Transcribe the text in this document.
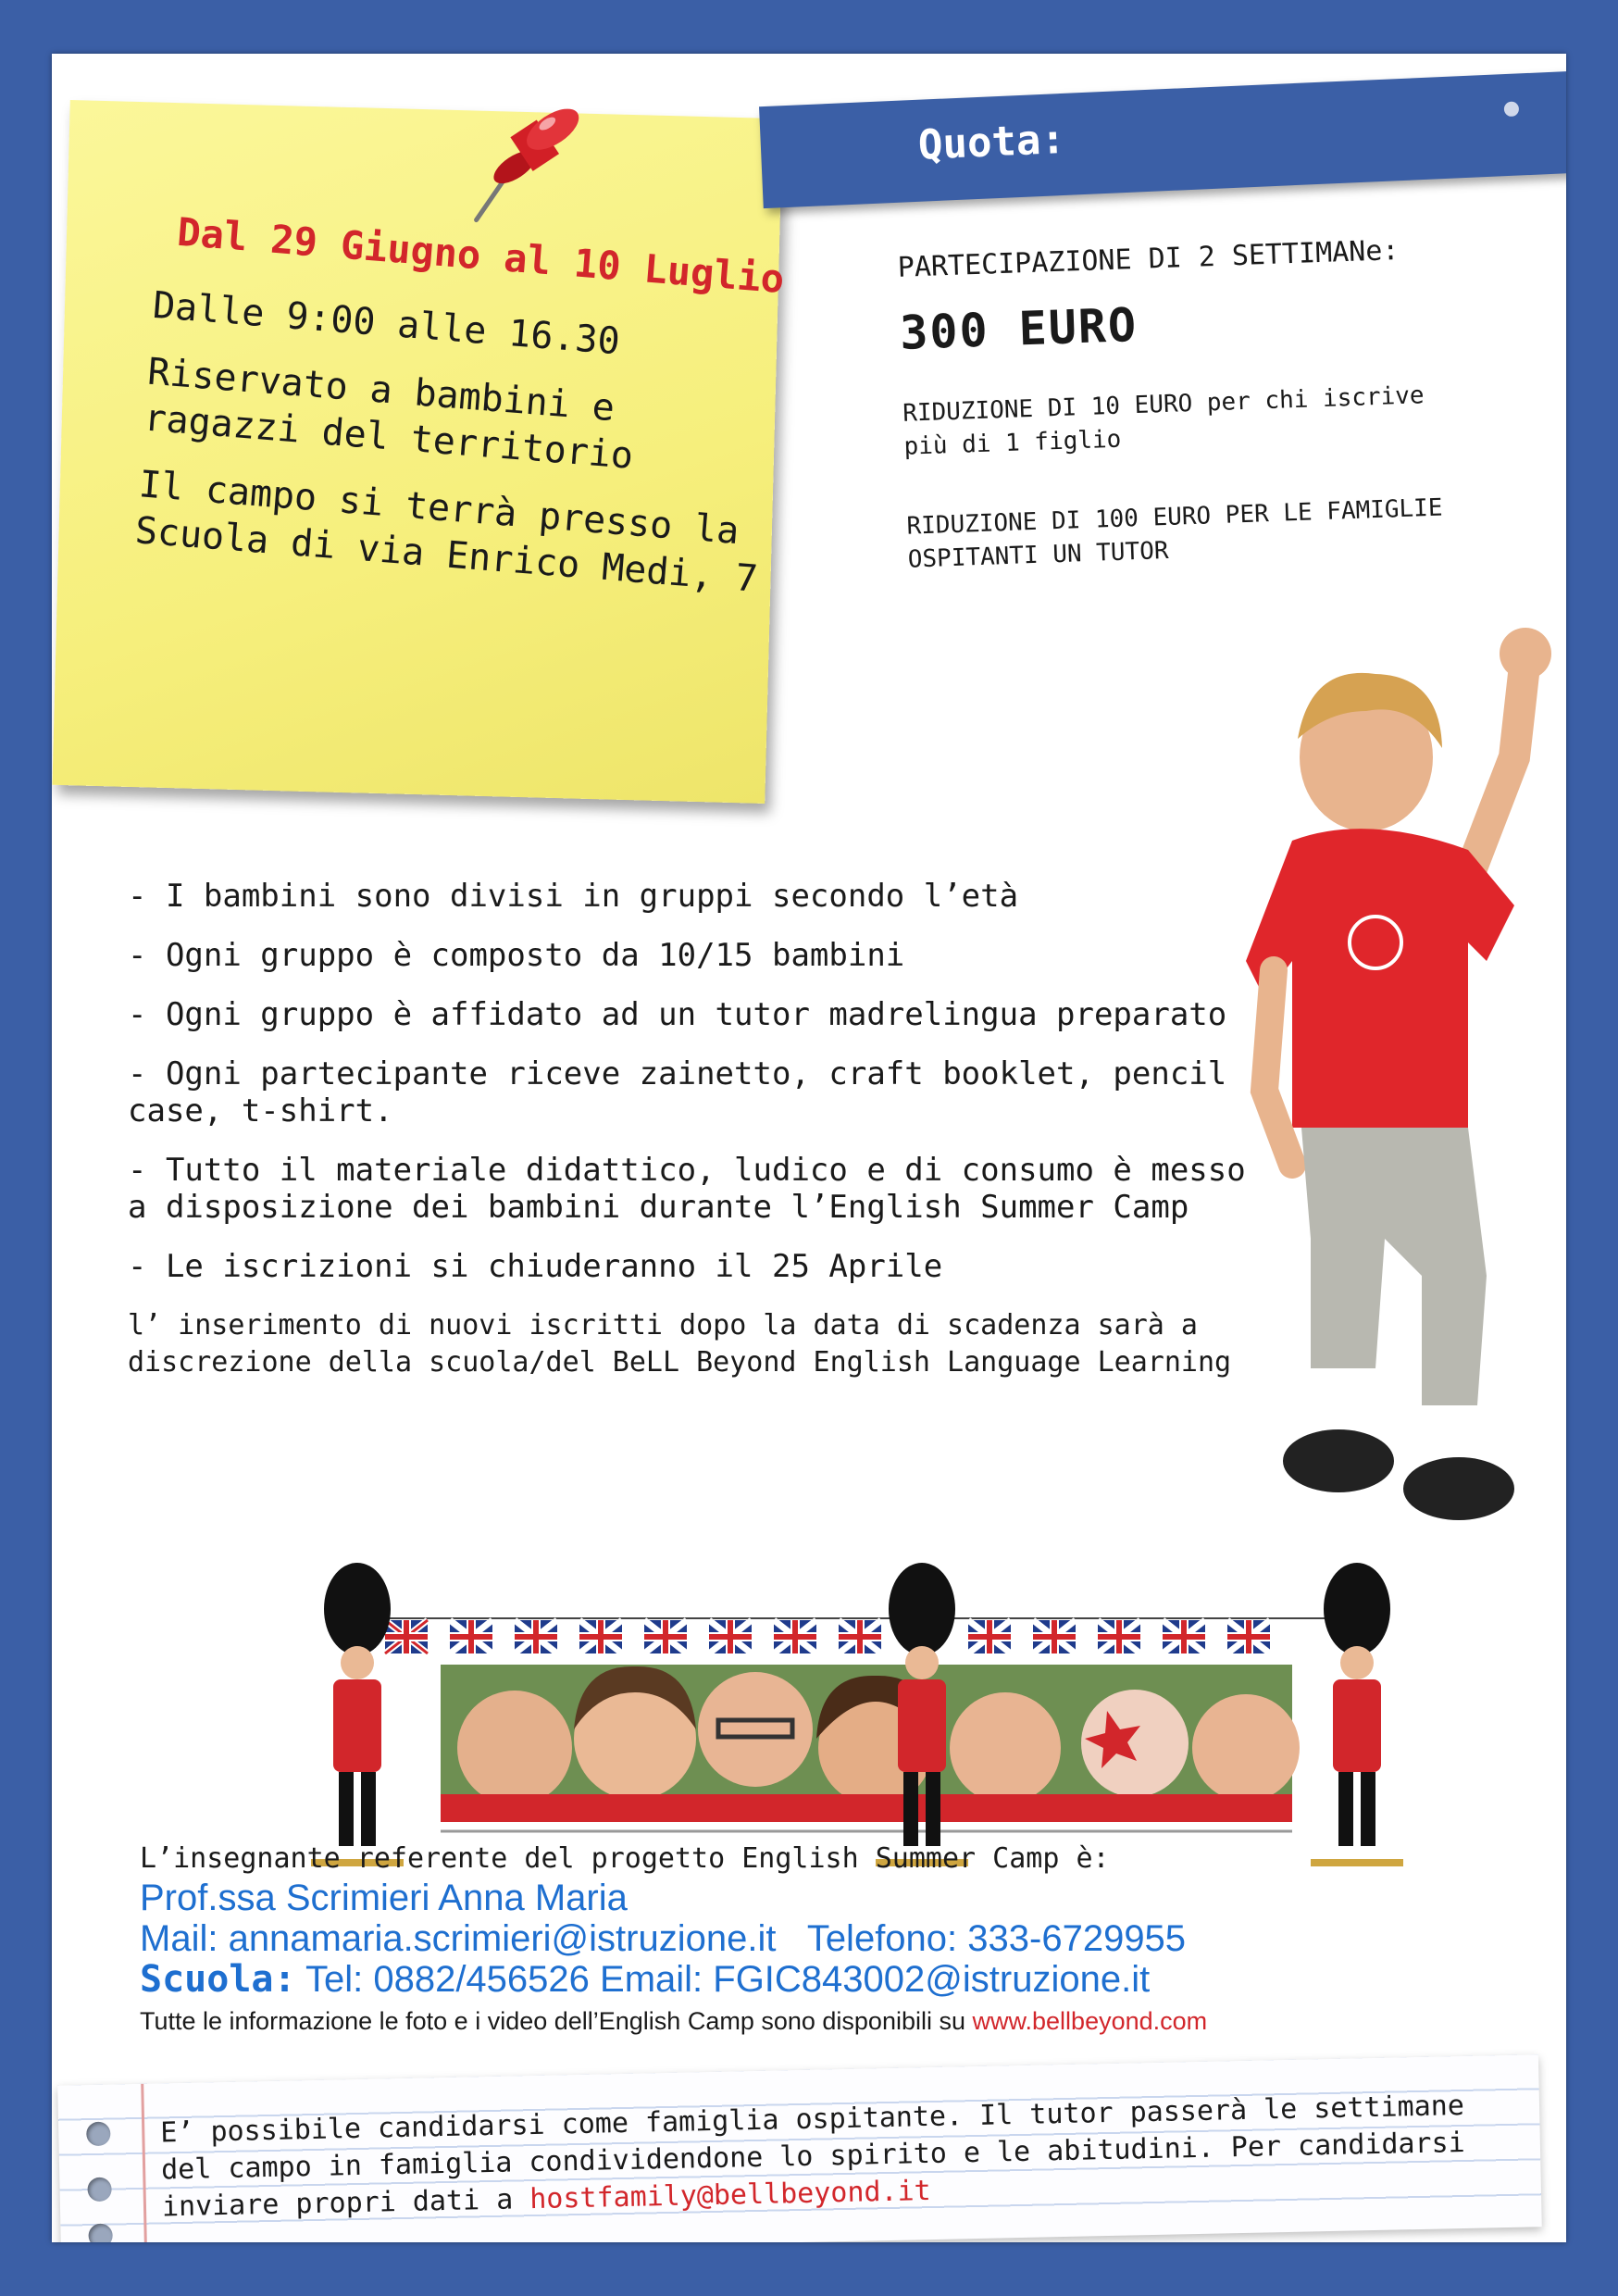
Dal 29 Giugno al 10 Luglio
Dalle 9:00 alle 16.30
Riservato a bambini e ragazzi del territorio
Il campo si terrà presso la Scuola di via Enrico Medi, 7
Quota:
PARTECIPAZIONE DI 2 SETTIMANe:
300 EURO
RIDUZIONE DI 10 EURO per chi iscrive più di 1 figlio
RIDUZIONE DI 100 EURO PER LE FAMIGLIE OSPITANTI UN TUTOR
- I bambini sono divisi in gruppi secondo l’età
- Ogni gruppo è composto da 10/15 bambini
- Ogni gruppo è affidato ad un tutor madrelingua preparato
- Ogni partecipante riceve zainetto, craft booklet, pencil case, t-shirt.
- Tutto il materiale didattico, ludico e di consumo è messo a disposizione dei bambini durante l’English Summer Camp
- Le iscrizioni si chiuderanno il 25 Aprile
l’ inserimento di nuovi iscritti dopo la data di scadenza sarà a discrezione della scuola/del BeLL Beyond English Language Learning
L’insegnante referente del progetto English Summer Camp è:
Prof.ssa Scrimieri Anna Maria
Mail: annamaria.scrimieri@istruzione.it Telefono: 333-6729955
Scuola: Tel: 0882/456526 Email: FGIC843002@istruzione.it
Tutte le informazione le foto e i video dell’English Camp sono disponibili su www.bellbeyond.com
E’ possibile candidarsi come famiglia ospitante. Il tutor passerà le settimane del campo in famiglia condividendone lo spirito e le abitudini. Per candidarsi inviare propri dati a hostfamily@bellbeyond.it
